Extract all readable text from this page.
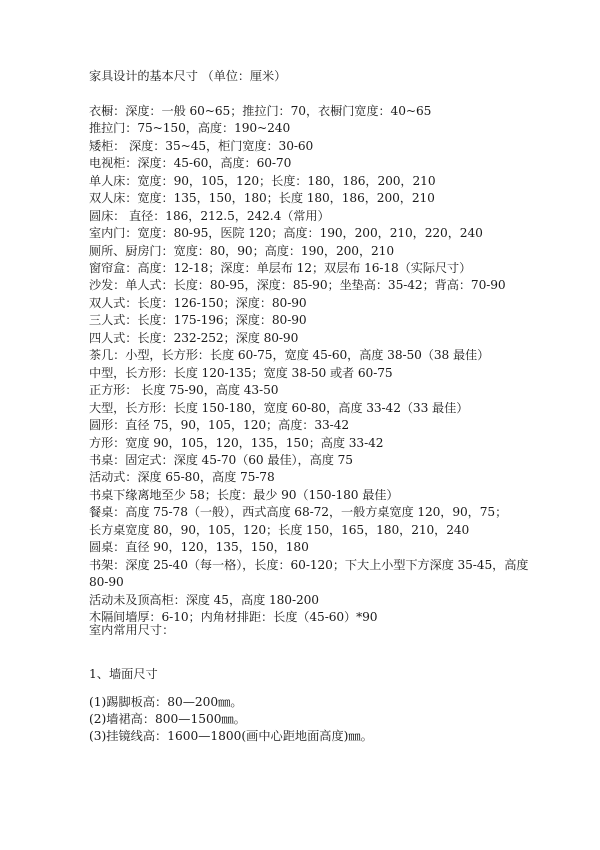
家具设计的基本尺寸 （单位：厘米）
衣橱：深度：一般 60~65；推拉门：70，衣橱门宽度：40~65
推拉门：75~150，高度：190~240
矮柜： 深度：35~45，柜门宽度：30-60
电视柜：深度：45-60，高度：60-70
单人床：宽度：90，105，120；长度：180，186，200，210
双人床：宽度：135，150，180；长度 180，186，200，210
圆床： 直径：186，212.5，242.4（常用）
室内门：宽度：80-95，医院 120；高度：190，200，210，220，240
厕所、厨房门：宽度：80，90；高度：190，200，210
窗帘盒：高度：12-18；深度：单层布 12；双层布 16-18（实际尺寸）
沙发：单人式：长度：80-95，深度：85-90；坐垫高：35-42；背高：70-90
双人式：长度：126-150；深度：80-90
三人式：长度：175-196；深度：80-90
四人式：长度：232-252；深度 80-90
茶几：小型，长方形：长度 60-75，宽度 45-60，高度 38-50（38 最佳）
中型，长方形：长度 120-135；宽度 38-50 或者 60-75
正方形： 长度 75-90，高度 43-50
大型，长方形：长度 150-180，宽度 60-80，高度 33-42（33 最佳）
圆形：直径 75，90，105，120；高度：33-42
方形：宽度 90，105，120，135，150；高度 33-42
书桌：固定式：深度 45-70（60 最佳），高度 75
活动式：深度 65-80，高度 75-78
书桌下缘离地至少 58；长度：最少 90（150-180 最佳）
餐桌：高度 75-78（一般），西式高度 68-72，一般方桌宽度 120，90，75；
长方桌宽度 80，90，105，120；长度 150，165，180，210，240
圆桌：直径 90，120，135，150，180
书架：深度 25-40（每一格），长度：60-120；下大上小型下方深度 35-45，高度 80-90
活动未及顶高柜：深度 45，高度 180-200
木隔间墙厚：6-10；内角材排距：长度（45-60）*90
室内常用尺寸：
1、墙面尺寸
(1)踢脚板高：80—200㎜。
(2)墙裙高：800—1500㎜。
(3)挂镜线高：1600—1800(画中心距地面高度)㎜。
